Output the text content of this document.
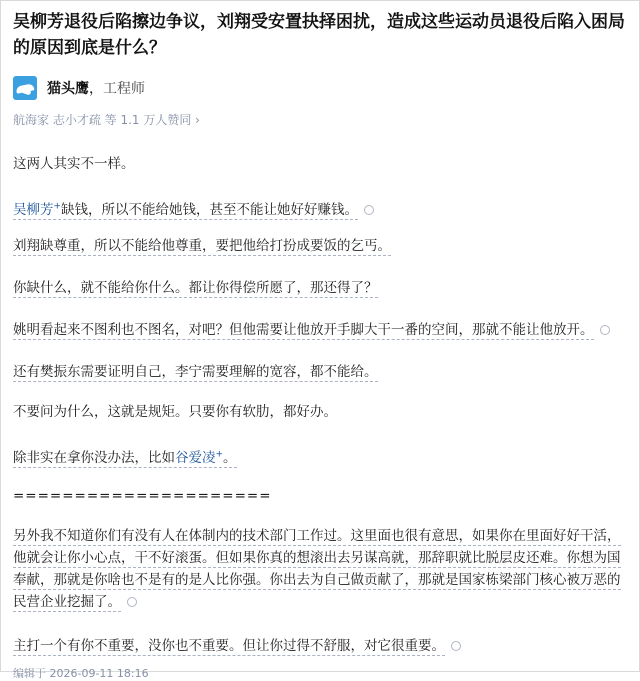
吴柳芳退役后陷擦边争议，刘翔受安置抉择困扰，造成这些运动员退役后陷入困局的原因到底是什么？
猫头鹰 ， 工程师
航海家 志小才疏 等 1.1 万人赞同 ›
这两人其实不一样。
吴柳芳+缺钱，所以不能给她钱，甚至不能让她好好赚钱。
刘翔缺尊重，所以不能给他尊重，要把他给打扮成要饭的乞丐。
你缺什么，就不能给你什么。都让你得偿所愿了，那还得了？
姚明看起来不图利也不图名，对吧？但他需要让他放开手脚大干一番的空间，那就不能让他放开。
还有樊振东需要证明自己，李宁需要理解的宽容，都不能给。
不要问为什么，这就是规矩。只要你有软肋，都好办。
除非实在拿你没办法，比如谷爱凌+。
=====================
另外我不知道你们有没有人在体制内的技术部门工作过。这里面也很有意思，如果你在里面好好干活，他就会让你小心点，干不好滚蛋。但如果你真的想滚出去另谋高就，那辞职就比脱层皮还难。你想为国奉献，那就是你啥也不是有的是人比你强。你出去为自己做贡献了，那就是国家栋梁部门核心被万恶的民营企业挖掘了。
主打一个有你不重要，没你也不重要。但让你过得不舒服，对它很重要。
编辑于 2026-09-11 18:16
